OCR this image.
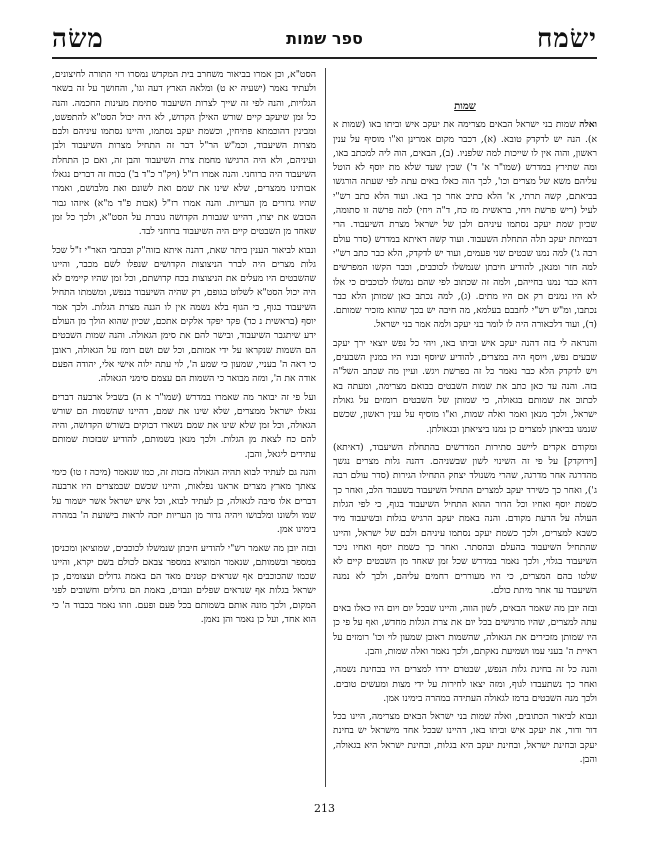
ישׂמח
ספר שמות
משׂה
שמות

ואלה שמות בני ישראל הבאים מצרימה את יעקב איש וביתו באו (שמות א א). הנה יש לדקדק טובא. (א), דכבר מקום אמרינן וא"ו מוסיף על ענין ראשון, והוה אין לו שייכות למה שלפניו. (ב), הבאים, הוה ליה למכתב באו, ומה שתירץ במדרש (שמו"ר א' ד') שכין שעד שלא מת יוסף לא הוטל עליהם משא של מצרים וכו', לכך הוה כאלו באים עתה לפי שעתה הורגשו בביאתם, קשה תרתי, א' הלא כתיב אחר כך באו. ועוד הלא כתב רש"י לעיל (ריש פרשת ויחי, בראשית מז כח, ד"ה ויחי) למה פרשה זו סתומה, שכיון שמת יעקב נסתמו עיניהם ולבן של ישראל מצרת השיעבוד. הרי דבמיתת יעקב תלה התחלת השעבוד. ועוד קשה דאיתא במדרש (סדר עולם רבה ג') למה נמנו שבטים שני פעמים, ועוד יש לדקדק, הלא כבר כתב רש"י למה חזר ומנאן, להודיע חיבתן שנמשלו לכוכבים, וכבר הקשו המפרשים דהא כבר נמנו בחייהם, ולמה זה שכתוב לפי שהם נמשלו לכוכבים כי אלו לא היו נמנים רק אם היו מתים. (ג), למה נכתב כאן שמותן הלא כבר נכתבו, ומ"ש רש"י לחבבם בעלמא, מה חיבה יש בכך שהוא מזכיר שמותם. (ד), ועוד דלכאורה היה לו לומר בני יעקב ולמה אמר בני ישראל.

והנראה לי בזה דהנה יעקב איש וביתו באו, ויהי כל נפש יוצאי ירך יעקב שבעים נפש, ויוסף היה במצרים, להודיע שיוסף ובניו היו במנין השבעים, ויש לדקדק הלא כבר נאמר כל זה בפרשת ויגש. ועיין מה שכתב השל"ה בזה. והנה עד כאן כתב את שמות השבטים בבואם מצרימה, ומעתה בא לכתוב את שמותם בגאולה, כי שמותן של השבטים רומזים על גאולת ישראל, ולכך מנאן ואמר ואלה שמות, וא"ו מוסיף על ענין ראשון, שכשם שנמנו בביאתן למצרים כן נמנו ביציאתן ובגאולתן.

ומקודם אקדים ליישב סתירות המדרשים בהתחלת השיעבוד, (דאיתא) [וידוקדק] על פי זה השינוי לשון שבשניהם. דהנה גלות מצרים נגשך מהדרגה אחר מדרגה, שהרי משנולד יצחק התחילו הגירות (סדר עולם רבה ג'), ואחר כך כשירד יעקב למצרים התחיל השיעבוד בשעבוד הלב, ואחר כך כשמת יוסף ואחיו וכל הדור ההוא התחיל השיעבוד בגוף, כי לפי הגלות העולה על הדעת מקודם. והנה באמת יעקב הרגיש בגלות ובשיעבוד מיד כשבא למצרים, ולכך כשמת יעקב נסתמו עיניהם ולבם של ישראל, והיינו שהתחיל השיעבוד בהעלם ובהסתר. ואחר כך כשמת יוסף ואחיו ניכר השיעבוד בגלוי, ולכך נאמר במדרש שכל זמן שאחד מן השבטים קיים לא שלטו בהם המצרים, כי היו מעוררים רחמים עליהם, ולכך לא נמנה השיעבוד עד אחר מיתת כולם.

ובזה יובן מה שאמר הבאים, לשון הווה, והיינו שבכל יום ויום היו כאלו באים עתה למצרים, שהיו מרגישים בכל יום את צרת הגלות מחדש, ואף על פי כן היו שמותן מזכירים את הגאולה, שהשמות ראובן שמעון לוי וכו' רומזים על ראיית ה' בעני עמו ושמיעת נאקתם, ולכך נאמר ואלה שמות, והבן.

והנה כל זה בחינת גלות הנפש, שבטרם ירדו למצרים היו בבחינת נשמה, ואחר כך נשתעבדו לגוף, ומזה יצאו לחירות על ידי מצות ומעשים טובים. ולכך מנה השבטים ברמז לגאולה העתידה במהרה בימינו אמן.

ונבוא לביאור הכתובים, ואלה שמות בני ישראל הבאים מצרימה, היינו בכל דור ודור, את יעקב איש וביתו באו, דהיינו שבכל אחד מישראל יש בחינת יעקב ובחינת ישראל, ובחינת יעקב היא בגלות, ובחינת ישראל היא בגאולה, והבן.

הסט"א, וכן אמרו בביאור משחרב בית המקדש נמסרו רזי התורה לחיצונים, ולעתיד נאמר (ישעיה יא ט) ומלאה הארץ דעה וגו', והחושך על זה בשאר הגלויות, והנה לפי זה שייך לצרות השיעבוד סתימת מעינות החכמה. והנה כל זמן שיעקב קיים שורש האילן הקדוש, לא היה יכול הסט"א להתפשט, ומבינין דהוכמתא פתיחין, וכשמת יעקב נסתמו, והיינו נסתמו עיניהם ולבם מצרות השיעבוד, וכמ"ש הר"ל דבר זה התחיל מצרות השיעבוד ולבן ועיניהם, ולא היה הרגישו מחמת צרת השיעבוד והבן זה, ואם כן התחלת השיעבוד היה ברוחני. והנה אמרו רז"ל (ויק"ר כ"ד ב') בכוח זה דברים נגאלו אבותינו ממצרים, שלא שינו את שמם ואת לשונם ואת מלבושם, ואמרו שהיו גדורים מן העריות. והנה אמרו רז"ל (אבות פ"ד מ"א) איזהו גבור הכובש את יצרו, דהיינו שגבורת הקדושה גוברת על הסט"א, ולכך כל זמן שאחד מן השבטים קיים היה השיעבוד ברוחני לבד.

ונבוא לביאור הענין ביתר שאת, דהנה איתא בזוה"ק ובכתבי האר"י ז"ל שכל גלות מצרים היה לברר הניצוצות הקדושים שנפלו לשם מכבר, והיינו שהשבטים היו מעלים את הניצוצות בכח קדושתם, וכל זמן שהיו קיימים לא היה יכול הסט"א לשלוט בגופם, רק שהיה השיעבוד בנפש, ומשמתו התחיל השיעבוד בגוף, כי הגוף בלא נשמה אין לו הגנה מצרת הגלות. ולכך אמר יוסף (בראשית נ כד) פקד יפקד אלקים אתכם, שכיון שהוא הולך מן העולם ידע שיתגבר השיעבוד, ובישר להם את סימן הגאולה. והנה שמות השבטים הם השמות שנקראו על ידי אמותם, וכל שם ושם רומז על הגאולה, ראובן כי ראה ה' בעניי, שמעון כי שמע ה', לוי עתה ילוה אישי אלי, יהודה הפעם אודה את ה', ומזה מבואר כי השמות הם עצמם סימני הגאולה.

ועל פי זה יבואר מה שאמרו במדרש (שמו"ר א ה) בשביל ארבעה דברים נגאלו ישראל ממצרים, שלא שינו את שמם, דהיינו שהשמות הם שורש הגאולה, וכל זמן שלא שינו את שמם נשארו דבוקים בשורש הקדושה, והיה להם כח לצאת מן הגלות. ולכך מנאן בשמותם, להודיע שבזכות שמותם עתידים ליגאל, והבן.

והנה גם לעתיד לבוא תהיה הגאולה בזכות זה, כמו שנאמר (מיכה ז טו) כימי צאתך מארץ מצרים אראנו נפלאות, והיינו שכשם שבמצרים היו ארבעה דברים אלו סיבה לגאולה, כן לעתיד לבוא, וכל איש ישראל אשר ישמור על שמו ולשונו ומלבושו ויהיה גדור מן העריות יזכה לראות בישועת ה' במהרה בימינו אמן.

ובזה יובן מה שאמר רש"י להודיע חיבתן שנמשלו לכוכבים, שמוציאן ומכניסן במספר ובשמותם, שנאמר המוציא במספר צבאם לכולם בשם יקרא, והיינו שכמו שהכוכבים אף שנראים קטנים מאד הם באמת גדולים ועצומים, כן ישראל בגלות אף שנראים שפלים ונבזים, באמת הם גדולים וחשובים לפני המקום, ולכך מונה אותם בשמותם בכל פעם ופעם. וזהו נאמר בכבוד ה' כי הוא אחד, ועל כן נאמר והן נאמן.

213
